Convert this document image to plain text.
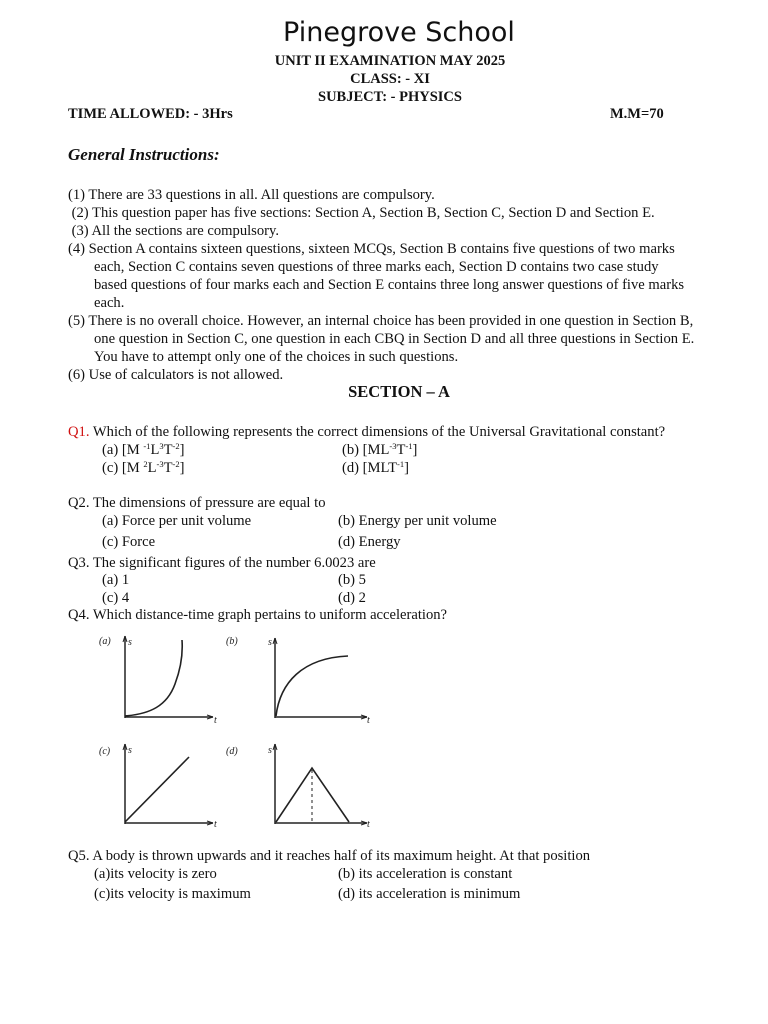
Pinegrove School
UNIT II EXAMINATION MAY 2025
CLASS: - XI
SUBJECT: - PHYSICS
TIME ALLOWED: - 3Hrs	M.M=70
General Instructions:

(1) There are 33 questions in all. All questions are compulsory.

(2) This question paper has five sections: Section A, Section B, Section C, Section D and Section E.

(3) All the sections are compulsory.

(4) Section A contains sixteen questions, sixteen MCQs, Section B contains five questions of two marks

each, Section C contains seven questions of three marks each, Section D contains two case study

based questions of four marks each and Section E contains three long answer questions of five marks

each.

(5) There is no overall choice. However, an internal choice has been provided in one question in Section B,

one question in Section C, one question in each CBQ in Section D and all three questions in Section E.

You have to attempt only one of the choices in such questions.

(6) Use of calculators is not allowed.

SECTION – A
Q1. Which of the following represents the correct dimensions of the Universal Gravitational constant?
(a) [M $^{-1}L^3T^{-2}$]	(b) $[ML^{-3}T^{-1}]$
(c) [M $^2L^{-3}T^{-2}$]	(d) $[MLT^{-1}]$
Q2. The dimensions of pressure are equal to
(a) Force per unit volume	(b) Energy per unit volume
(c) Force	(d) Energy
Q3. The significant figures of the number 6.0023 are
(a) 1	(b) 5
(c) 4	(d) 2
Q4. Which distance-time graph pertains to uniform acceleration?
(a) s
t
(b)	s
t
(c) s
t
(d)	s
t
Q5. A body is thrown upwards and it reaches half of its maximum height. At that position
(a)its velocity is zero	(b) its acceleration is constant
(c)its velocity is maximum	(d) its acceleration is minimum
